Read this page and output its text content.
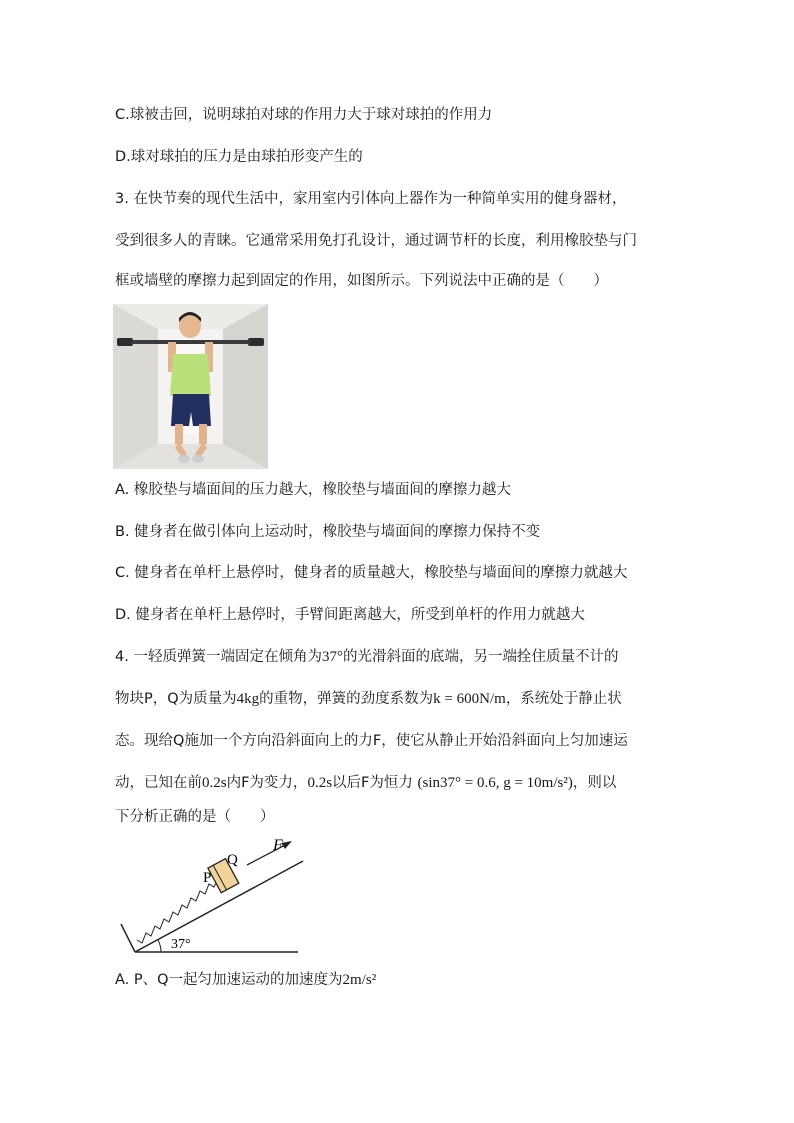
C.球被击回，说明球拍对球的作用力大于球对球拍的作用力
D.球对球拍的压力是由球拍形变产生的
3. 在快节奏的现代生活中，家用室内引体向上器作为一种简单实用的健身器材，
受到很多人的青睐。它通常采用免打孔设计，通过调节杆的长度，利用橡胶垫与门
框或墙壁的摩擦力起到固定的作用，如图所示。下列说法中正确的是（　　）
A. 橡胶垫与墙面间的压力越大，橡胶垫与墙面间的摩擦力越大
B. 健身者在做引体向上运动时，橡胶垫与墙面间的摩擦力保持不变
C. 健身者在单杆上悬停时，健身者的质量越大，橡胶垫与墙面间的摩擦力就越大
D. 健身者在单杆上悬停时，手臂间距离越大，所受到单杆的作用力就越大
4. 一轻质弹簧一端固定在倾角为37°的光滑斜面的底端，另一端拴住质量不计的
物块P，Q为质量为4kg的重物，弹簧的劲度系数为k = 600N/m，系统处于静止状
态。现给Q施加一个方向沿斜面向上的力F，使它从静止开始沿斜面向上匀加速运
动，已知在前0.2s内F为变力，0.2s以后F为恒力 (sin37° = 0.6, g = 10m/s²)，则以
下分析正确的是（　　）
P
Q
F
37°
A. P、Q一起匀加速运动的加速度为2m/s²
